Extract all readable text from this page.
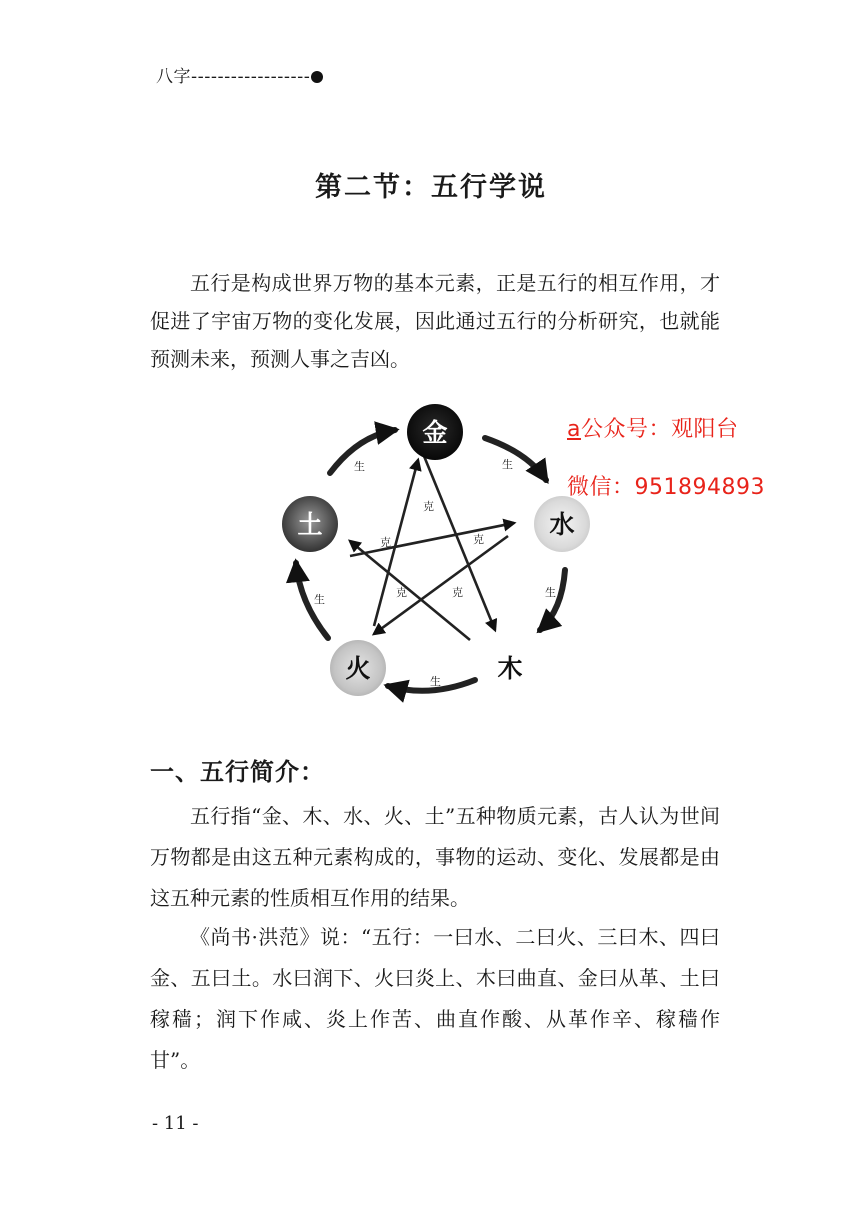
八字------------------
第二节：五行学说
五行是构成世界万物的基本元素，正是五行的相互作用，才促进了宇宙万物的变化发展，因此通过五行的分析研究，也就能预测未来，预测人事之吉凶。
a公众号：观阳台
微信：951894893
生
生
生
生
生
克
克
克
克	克
金
水
木
火
土
一、五行简介：
五行指“金、木、水、火、土”五种物质元素，古人认为世间万物都是由这五种元素构成的，事物的运动、变化、发展都是由这五种元素的性质相互作用的结果。
《尚书·洪范》说：“五行：一曰水、二曰火、三曰木、四曰金、五曰土。水曰润下、火曰炎上、木曰曲直、金曰从革、土曰稼穑；润下作咸、炎上作苦、曲直作酸、从革作辛、稼穑作甘”。
- 11 -
